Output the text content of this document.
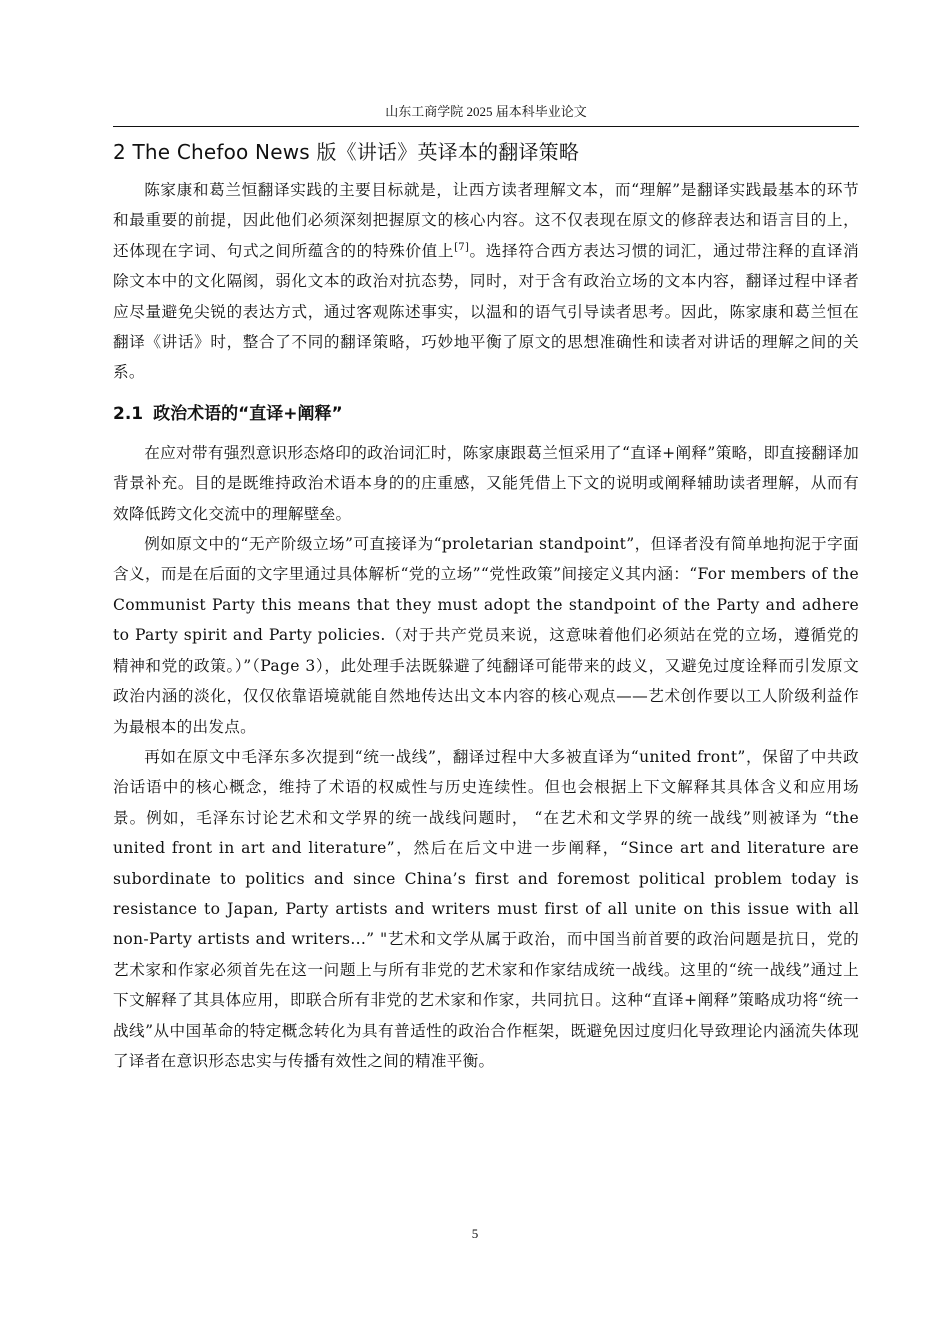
山东工商学院 2025 届本科毕业论文
2 The Chefoo News 版《讲话》英译本的翻译策略

陈家康和葛兰恒翻译实践的主要目标就是，让西方读者理解文本，而“理解”是翻译实践最基本的环节和最重要的前提，因此他们必须深刻把握原文的核心内容。这不仅表现在原文的修辞表达和语言目的上，还体现在字词、句式之间所蕴含的的特殊价值上[7]。选择符合西方表达习惯的词汇，通过带注释的直译消除文本中的文化隔阂，弱化文本的政治对抗态势，同时，对于含有政治立场的文本内容，翻译过程中译者应尽量避免尖锐的表达方式，通过客观陈述事实，以温和的语气引导读者思考。因此，陈家康和葛兰恒在翻译《讲话》时，整合了不同的翻译策略，巧妙地平衡了原文的思想准确性和读者对讲话的理解之间的关系。

2.1 政治术语的“直译+阐释”

在应对带有强烈意识形态烙印的政治词汇时，陈家康跟葛兰恒采用了“直译+阐释”策略，即直接翻译加背景补充。目的是既维持政治术语本身的的庄重感，又能凭借上下文的说明或阐释辅助读者理解，从而有效降低跨文化交流中的理解壁垒。

例如原文中的“无产阶级立场”可直接译为“proletarian standpoint”，但译者没有简单地拘泥于字面含义，而是在后面的文字里通过具体解析“党的立场”“党性政策”间接定义其内涵：“For members of the Communist Party this means that they must adopt the standpoint of the Party and adhere to Party spirit and Party policies.（对于共产党员来说，这意味着他们必须站在党的立场，遵循党的精神和党的政策。）”（Page 3），此处理手法既躲避了纯翻译可能带来的歧义，又避免过度诠释而引发原文政治内涵的淡化，仅仅依靠语境就能自然地传达出文本内容的核心观点——艺术创作要以工人阶级利益作为最根本的出发点。

再如在原文中毛泽东多次提到“统一战线”，翻译过程中大多被直译为“united front”，保留了中共政治话语中的核心概念，维持了术语的权威性与历史连续性。但也会根据上下文解释其具体含义和应用场景。例如，毛泽东讨论艺术和文学界的统一战线问题时， “在艺术和文学界的统一战线”则被译为 “the united front in art and literature”，然后在后文中进一步阐释，“Since art and literature are subordinate to politics and since China’s first and foremost political problem today is resistance to Japan, Party artists and writers must first of all unite on this issue with all non-Party artists and writers...” "艺术和文学从属于政治，而中国当前首要的政治问题是抗日，党的艺术家和作家必须首先在这一问题上与所有非党的艺术家和作家结成统一战线。这里的“统一战线”通过上下文解释了其具体应用，即联合所有非党的艺术家和作家，共同抗日。这种“直译+阐释”策略成功将“统一战线”从中国革命的特定概念转化为具有普适性的政治合作框架，既避免因过度归化导致理论内涵流失体现了译者在意识形态忠实与传播有效性之间的精准平衡。

5
